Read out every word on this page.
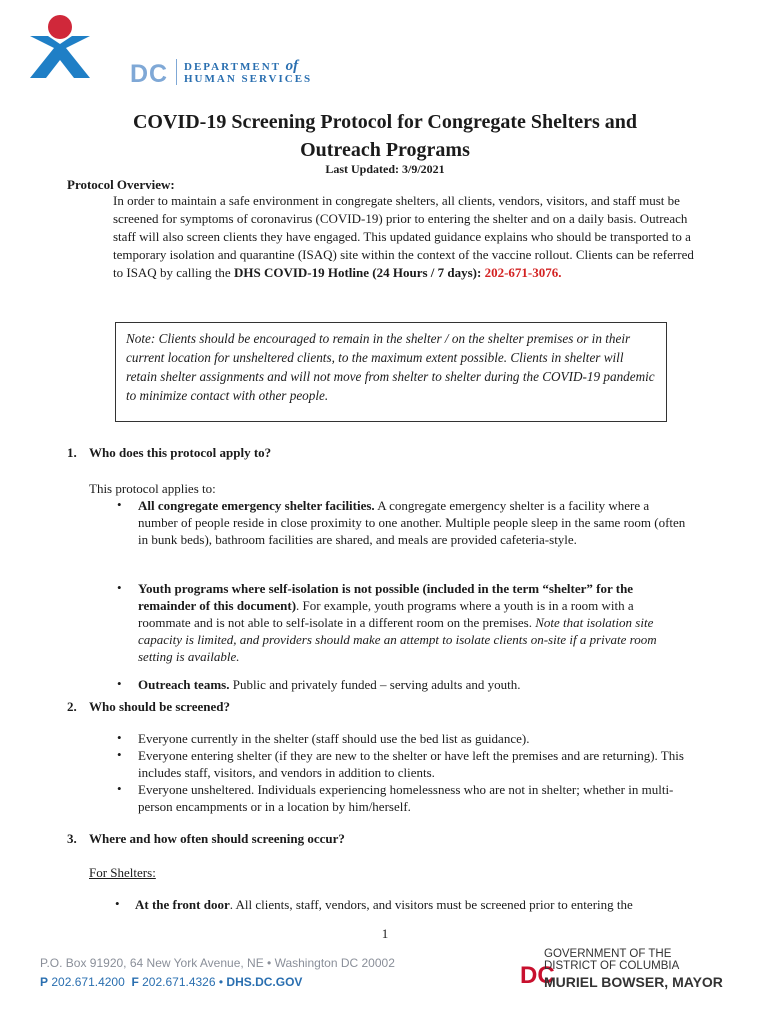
DC DEPARTMENT of
HUMAN SERVICES
COVID-19 Screening Protocol for Congregate Shelters and
Outreach Programs
Last Updated: 3/9/2021
Protocol Overview:
In order to maintain a safe environment in congregate shelters, all clients, vendors, visitors, and staff must be screened for symptoms of coronavirus (COVID-19) prior to entering the shelter and on a daily basis. Outreach staff will also screen clients they have engaged. This updated guidance explains who should be transported to a temporary isolation and quarantine (ISAQ) site within the context of the vaccine rollout. Clients can be referred to ISAQ by calling the DHS COVID-19 Hotline (24 Hours / 7 days): 202-671-3076.
Note: Clients should be encouraged to remain in the shelter / on the shelter premises or in their current location for unsheltered clients, to the maximum extent possible. Clients in shelter will retain shelter assignments and will not move from shelter to shelter during the COVID-19 pandemic to minimize contact with other people.
1. Who does this protocol apply to?
This protocol applies to:
• All congregate emergency shelter facilities. A congregate emergency shelter is a facility where a number of people reside in close proximity to one another. Multiple people sleep in the same room (often in bunk beds), bathroom facilities are shared, and meals are provided cafeteria-style.
• Youth programs where self-isolation is not possible (included in the term “shelter” for the remainder of this document). For example, youth programs where a youth is in a room with a roommate and is not able to self-isolate in a different room on the premises. Note that isolation site capacity is limited, and providers should make an attempt to isolate clients on-site if a private room setting is available.
• Outreach teams. Public and privately funded – serving adults and youth.
2. Who should be screened?
• Everyone currently in the shelter (staff should use the bed list as guidance).
• Everyone entering shelter (if they are new to the shelter or have left the premises and are returning). This includes staff, visitors, and vendors in addition to clients.
• Everyone unsheltered. Individuals experiencing homelessness who are not in shelter; whether in multi-person encampments or in a location by him/herself.
3. Where and how often should screening occur?
For Shelters:
• At the front door. All clients, staff, vendors, and visitors must be screened prior to entering the
1
P.O. Box 91920, 64 New York Avenue, NE • Washington DC 20002
P 202.671.4200 F 202.671.4326 • DHS.DC.GOV	DC
GOVERNMENT OF THE
DISTRICT OF COLUMBIA
MURIEL BOWSER, MAYOR
